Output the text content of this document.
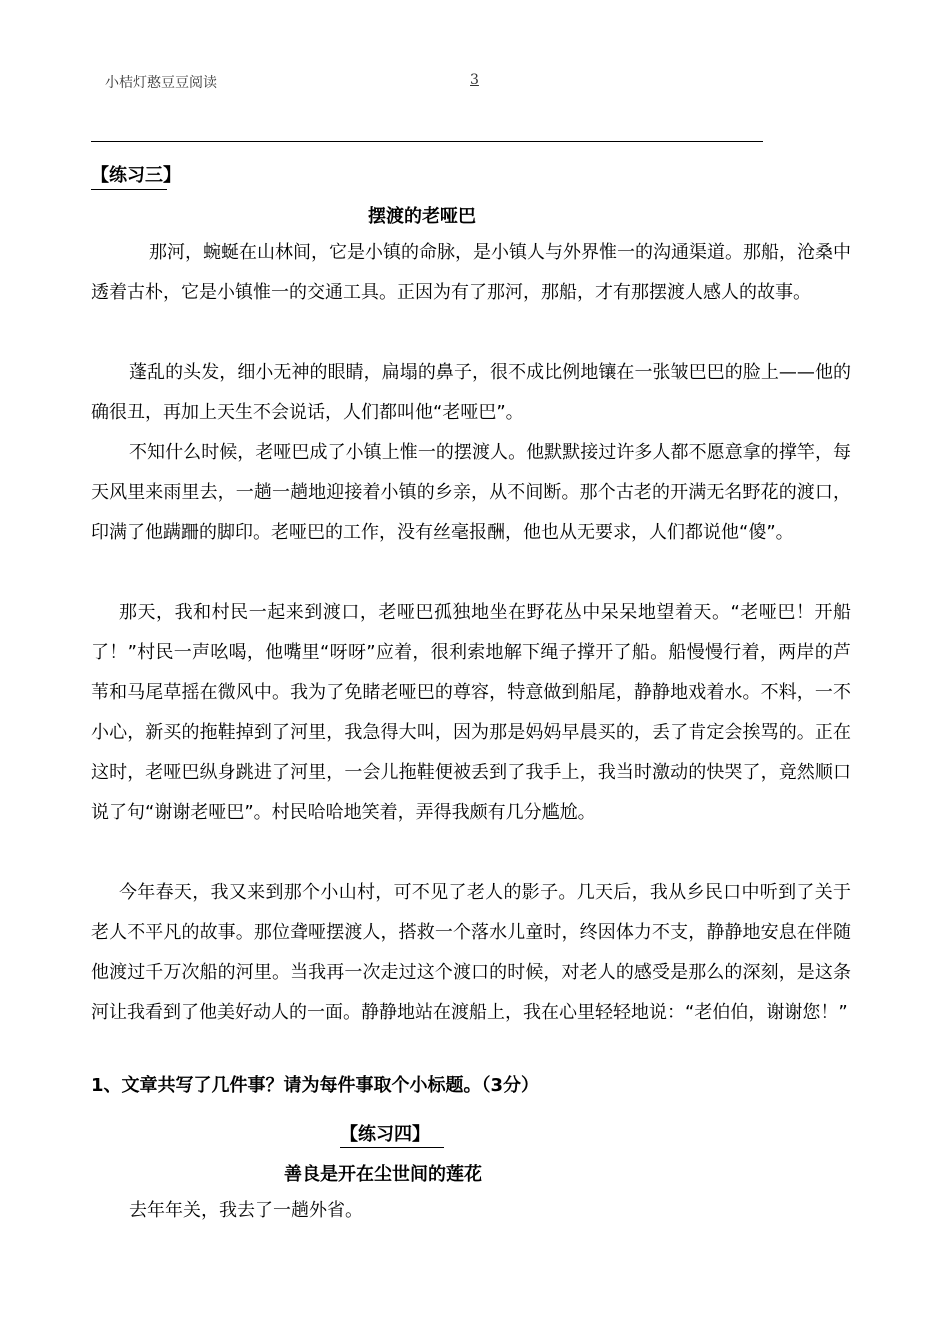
小桔灯憨豆豆阅读	3
【练习三】
摆渡的老哑巴
那河，蜿蜒在山林间，它是小镇的命脉，是小镇人与外界惟一的沟通渠道。那船，沧桑中透着古朴，它是小镇惟一的交通工具。正因为有了那河，那船，才有那摆渡人感人的故事。
蓬乱的头发，细小无神的眼睛，扁塌的鼻子，很不成比例地镶在一张皱巴巴的脸上——他的确很丑，再加上天生不会说话，人们都叫他“老哑巴”。
不知什么时候，老哑巴成了小镇上惟一的摆渡人。他默默接过许多人都不愿意拿的撑竿，每天风里来雨里去，一趟一趟地迎接着小镇的乡亲，从不间断。那个古老的开满无名野花的渡口，印满了他蹒跚的脚印。老哑巴的工作，没有丝毫报酬，他也从无要求，人们都说他“傻”。
那天，我和村民一起来到渡口，老哑巴孤独地坐在野花丛中呆呆地望着天。“老哑巴！开船了！”村民一声吆喝，他嘴里“呀呀”应着，很利索地解下绳子撑开了船。船慢慢行着，两岸的芦苇和马尾草摇在微风中。我为了免睹老哑巴的尊容，特意做到船尾，静静地戏着水。不料，一不小心，新买的拖鞋掉到了河里，我急得大叫，因为那是妈妈早晨买的，丢了肯定会挨骂的。正在这时，老哑巴纵身跳进了河里，一会儿拖鞋便被丢到了我手上，我当时激动的快哭了，竟然顺口说了句“谢谢老哑巴”。村民哈哈地笑着，弄得我颇有几分尴尬。
今年春天，我又来到那个小山村，可不见了老人的影子。几天后，我从乡民口中听到了关于老人不平凡的故事。那位聋哑摆渡人，搭救一个落水儿童时，终因体力不支，静静地安息在伴随他渡过千万次船的河里。当我再一次走过这个渡口的时候，对老人的感受是那么的深刻，是这条河让我看到了他美好动人的一面。静静地站在渡船上，我在心里轻轻地说：“老伯伯，谢谢您！”
1、文章共写了几件事？请为每件事取个小标题。（3分）
【练习四】
善良是开在尘世间的莲花
去年年关，我去了一趟外省。
